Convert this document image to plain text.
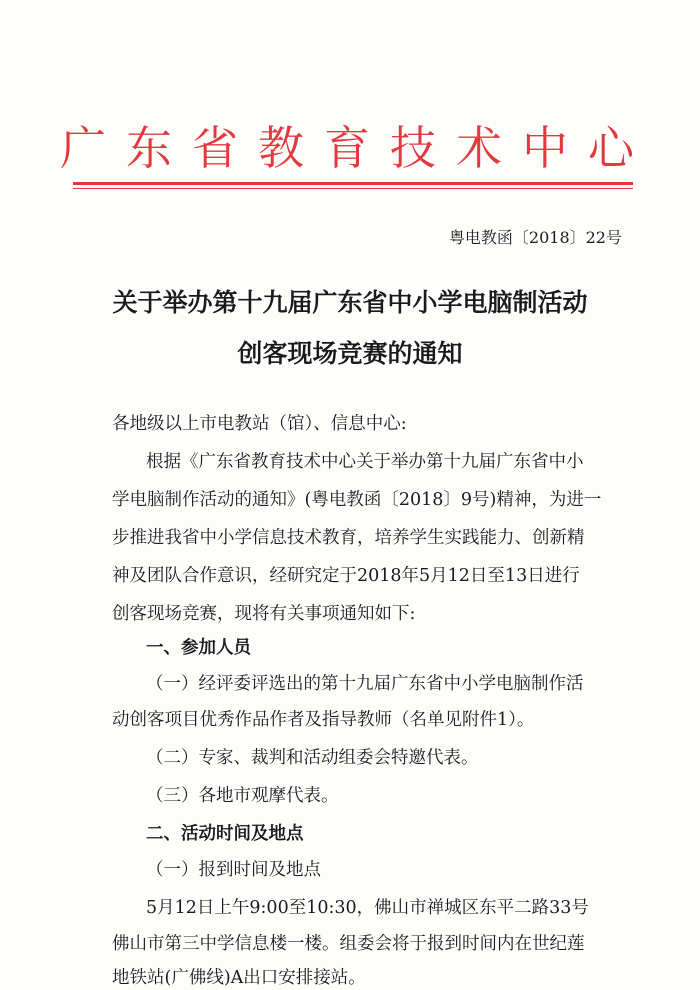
广东省教育技术中心
粤电教函〔2018〕22号
关于举办第十九届广东省中小学电脑制活动
创客现场竞赛的通知
各地级以上市电教站（馆）、信息中心:
根据《广东省教育技术中心关于举办第十九届广东省中小
学电脑制作活动的通知》(粤电教函〔2018〕9号)精神，为进一
步推进我省中小学信息技术教育，培养学生实践能力、创新精
神及团队合作意识，经研究定于2018年5月12日至13日进行
创客现场竞赛，现将有关事项通知如下:
一、参加人员
（一）经评委评选出的第十九届广东省中小学电脑制作活
动创客项目优秀作品作者及指导教师（名单见附件1）。
（二）专家、裁判和活动组委会特邀代表。
（三）各地市观摩代表。
二、活动时间及地点
（一）报到时间及地点
5月12日上午9:00至10:30，佛山市禅城区东平二路33号
佛山市第三中学信息楼一楼。组委会将于报到时间内在世纪莲
地铁站(广佛线)A出口安排接站。
